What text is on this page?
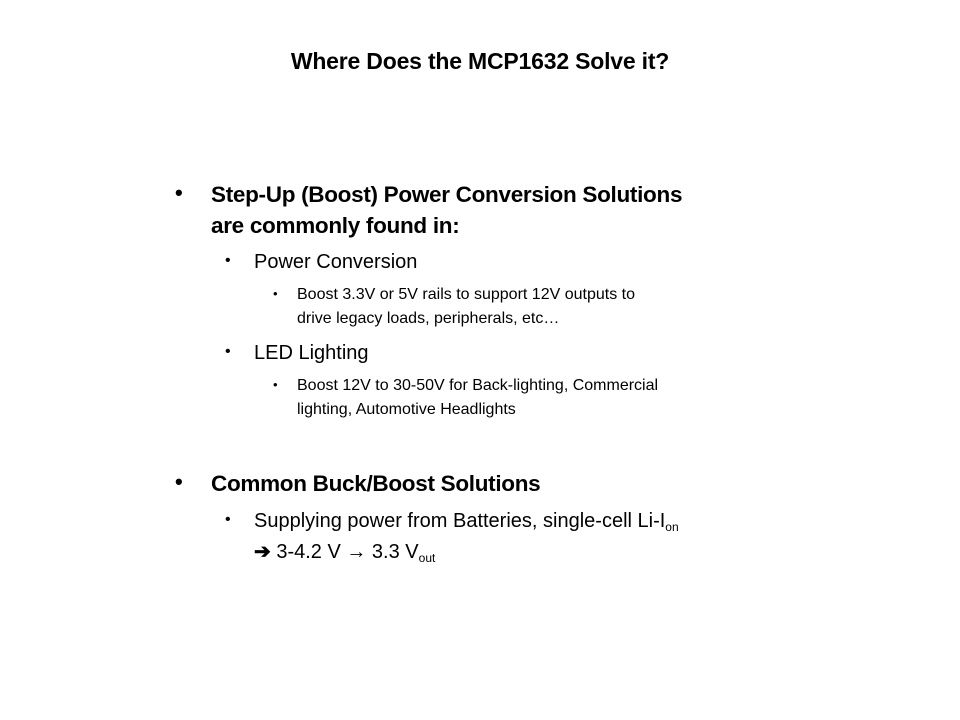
Where Does the MCP1632 Solve it?
• Step-Up (Boost) Power Conversion Solutions
are commonly found in:
• Power Conversion
• Boost 3.3V or 5V rails to support 12V outputs to
drive legacy loads, peripherals, etc…
• LED Lighting
• Boost 12V to 30-50V for Back-lighting, Commercial
lighting, Automotive Headlights
• Common Buck/Boost Solutions
• Supplying power from Batteries, single-cell $Li-I_{on}$
➔ 3-4.2 V → 3.3 $V_{out}$
